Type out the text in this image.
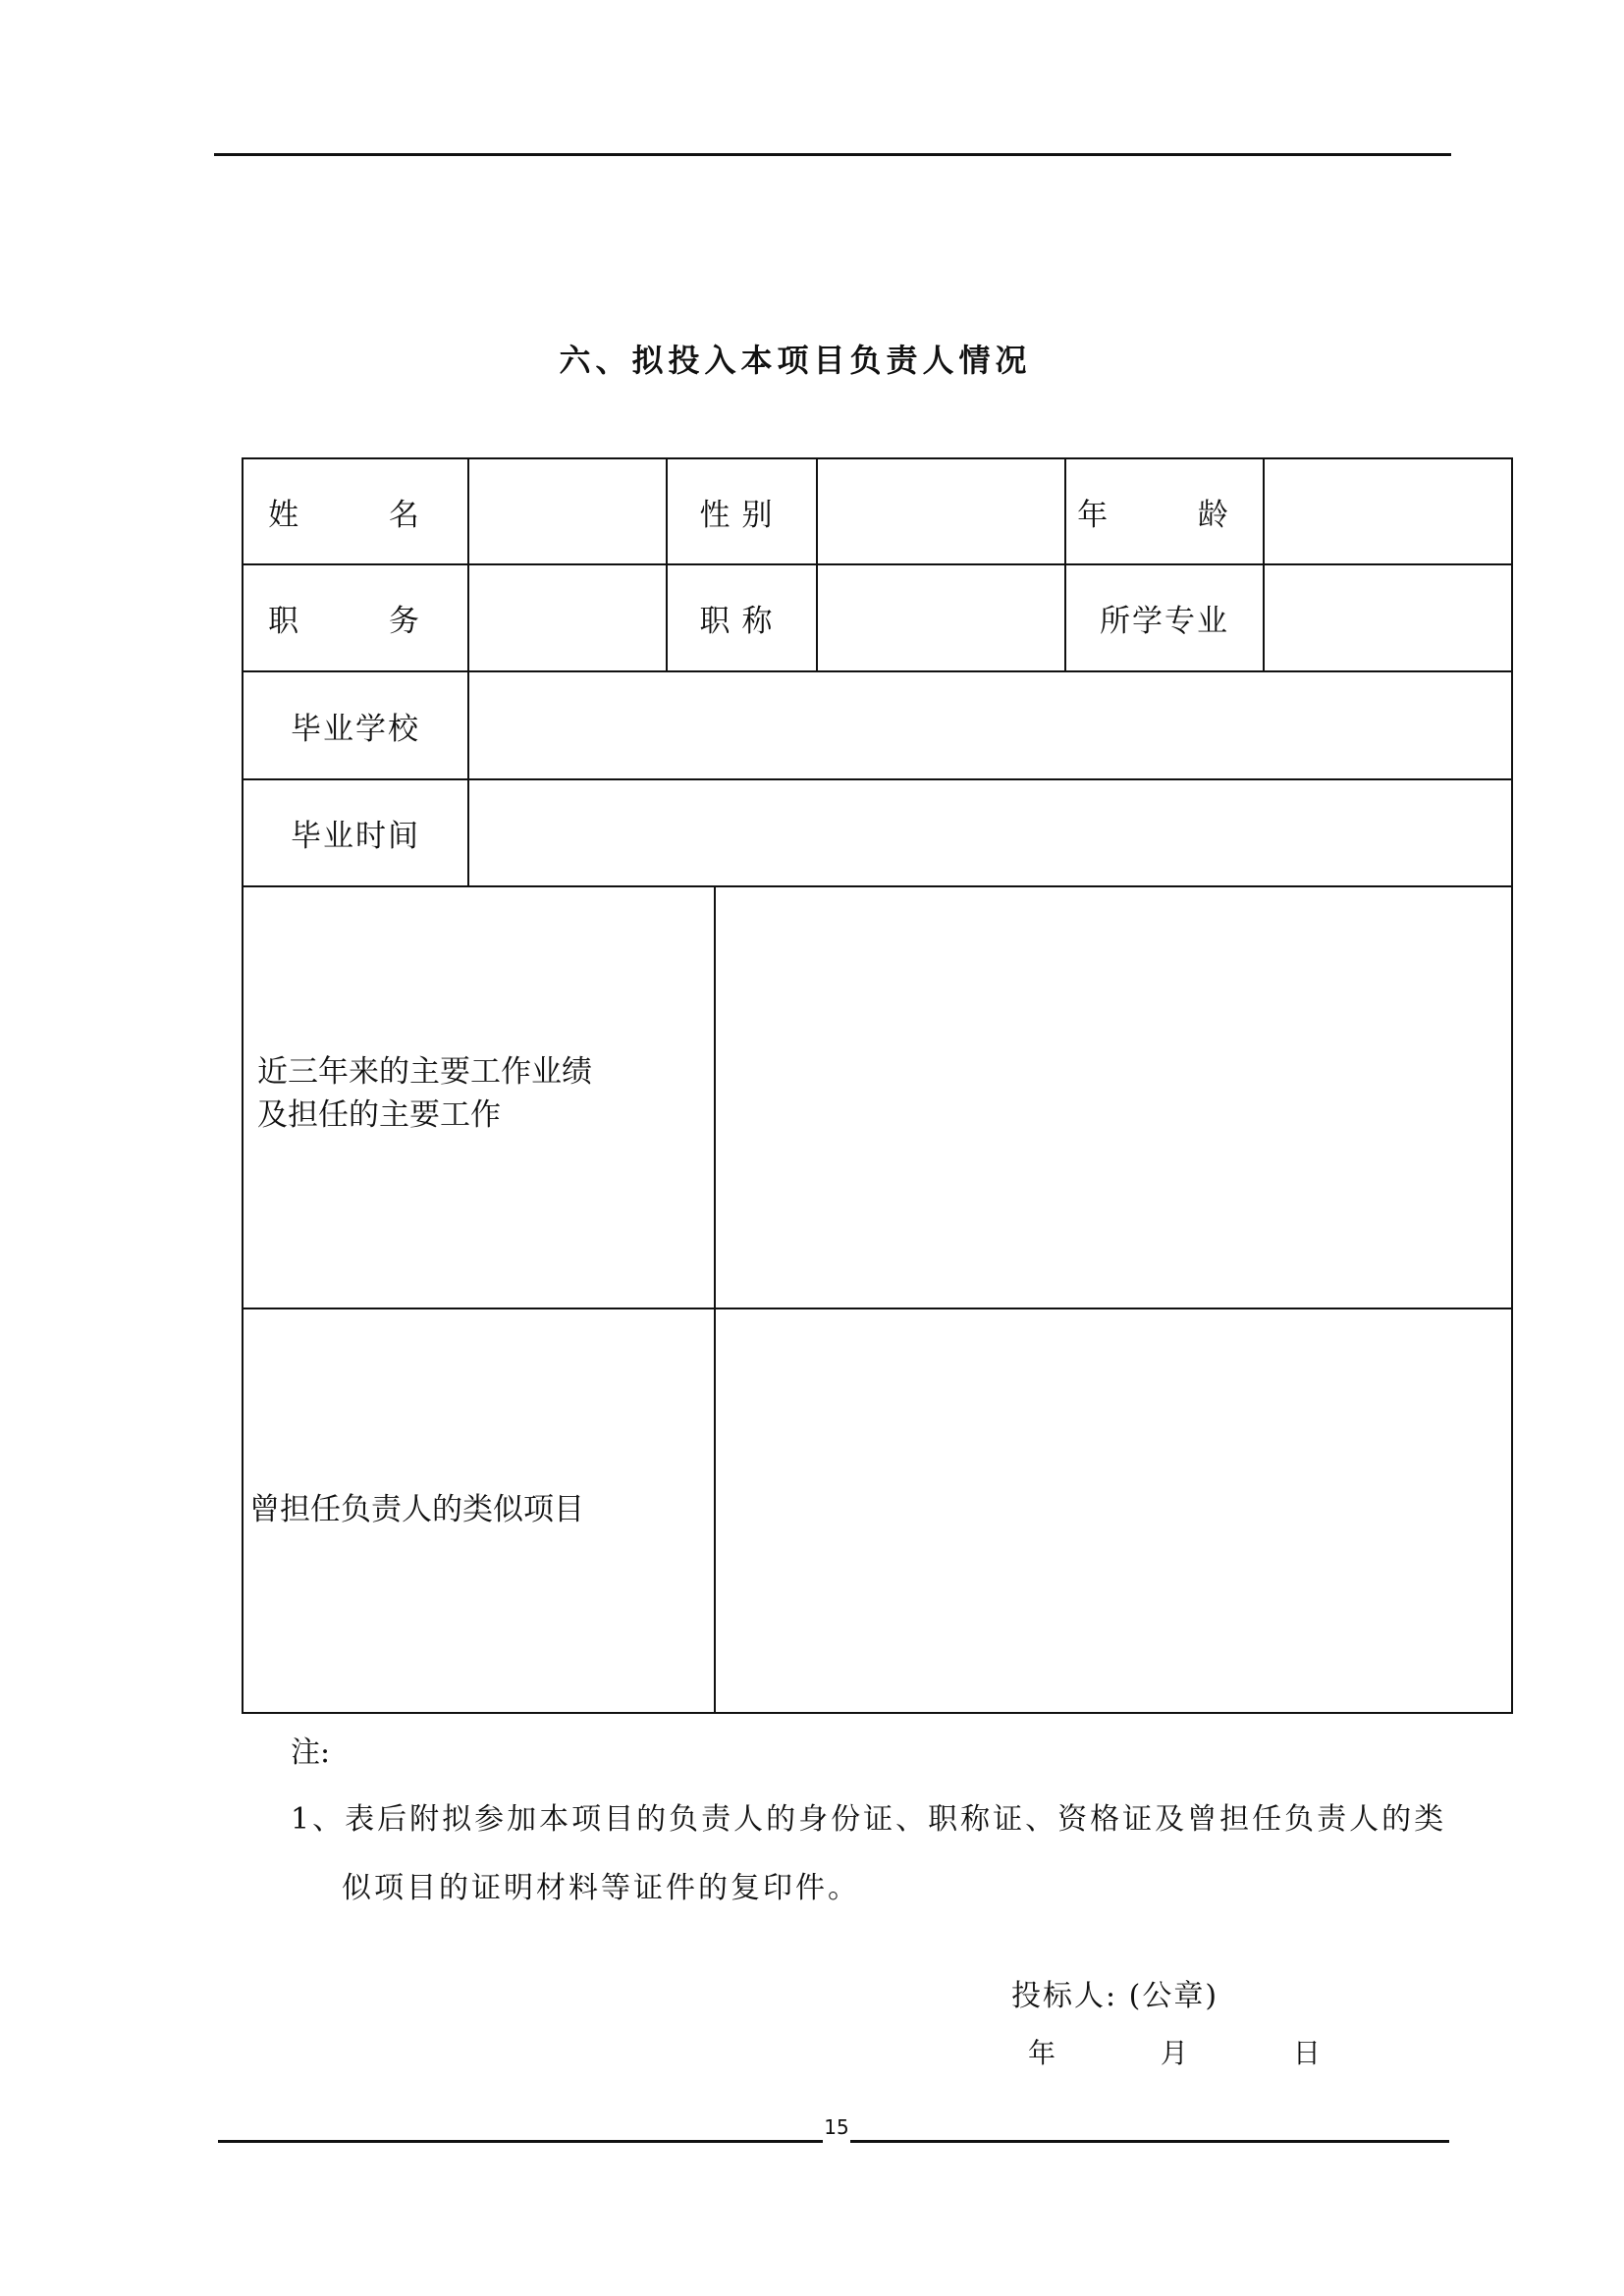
六、拟投入本项目负责人情况
姓  名	性别	年  龄
职  务	职称	所学专业
毕业学校
毕业时间
近三年来的主要工作业绩
及担任的主要工作
曾担任负责人的类似项目
注:
1、表后附拟参加本项目的负责人的身份证、职称证、资格证及曾担任负责人的类
似项目的证明材料等证件的复印件。
投标人: (公章)
年	月	日
15
